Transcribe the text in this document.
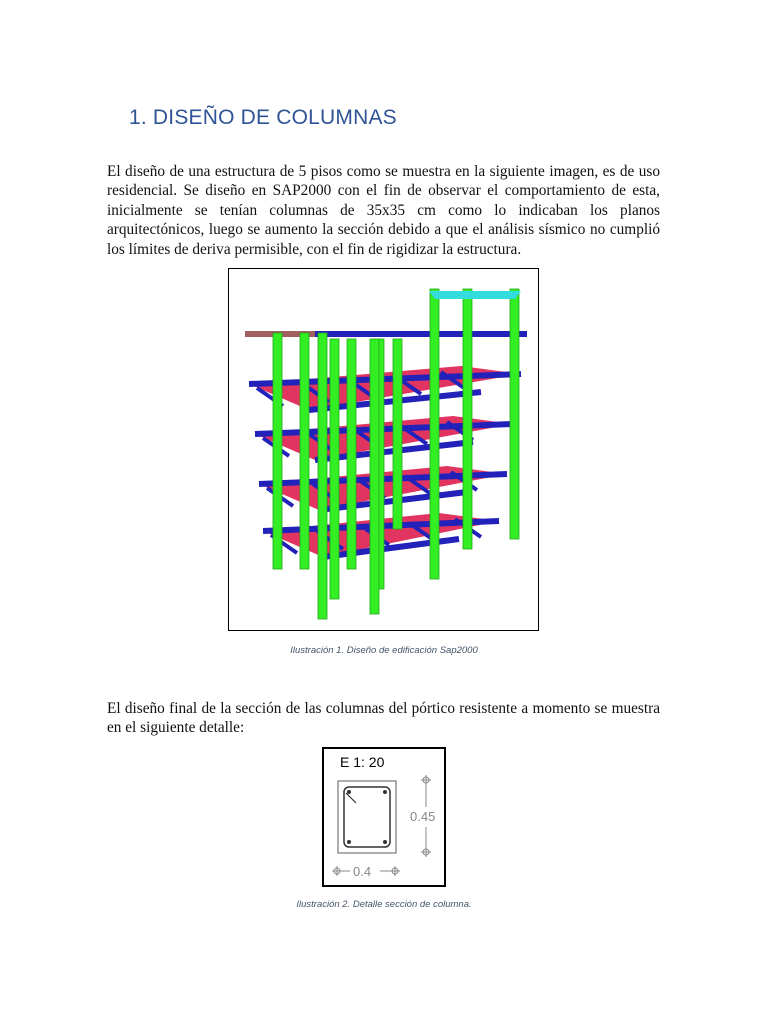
1. DISEÑO DE COLUMNAS

El diseño de una estructura de 5 pisos como se muestra en la siguiente imagen, es de uso residencial. Se diseño en SAP2000 con el fin de observar el comportamiento de esta, inicialmente se tenían columnas de 35x35 cm como lo indicaban los planos arquitectónicos, luego se aumento la sección debido a que el análisis sísmico no cumplió los límites de deriva permisible, con el fin de rigidizar la estructura.

Ilustración 1. Diseño de edificación Sap2000

El diseño final de la sección de las columnas del pórtico resistente a momento se muestra en el siguiente detalle:

E 1: 20
0.45
0.4
Ilustración 2. Detalle sección de columna.
